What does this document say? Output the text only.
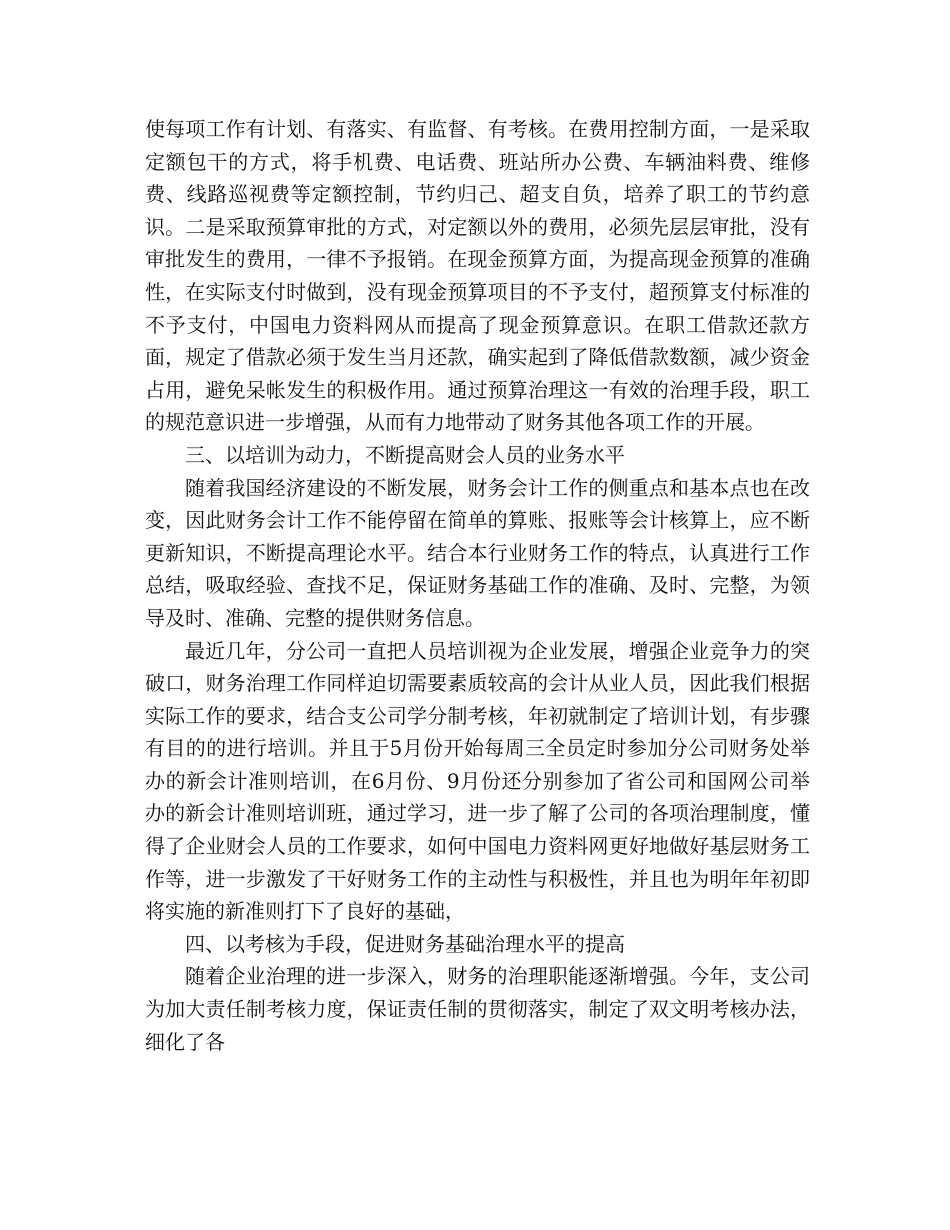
使每项工作有计划、有落实、有监督、有考核。在费用控制方面，一是采取定额包干的方式，将手机费、电话费、班站所办公费、车辆油料费、维修费、线路巡视费等定额控制，节约归己、超支自负，培养了职工的节约意识。二是采取预算审批的方式，对定额以外的费用，必须先层层审批，没有审批发生的费用，一律不予报销。在现金预算方面，为提高现金预算的准确性，在实际支付时做到，没有现金预算项目的不予支付，超预算支付标准的不予支付，中国电力资料网从而提高了现金预算意识。在职工借款还款方面，规定了借款必须于发生当月还款，确实起到了降低借款数额，减少资金占用，避免呆帐发生的积极作用。通过预算治理这一有效的治理手段，职工的规范意识进一步增强，从而有力地带动了财务其他各项工作的开展。

三、以培训为动力，不断提高财会人员的业务水平

随着我国经济建设的不断发展，财务会计工作的侧重点和基本点也在改变，因此财务会计工作不能停留在简单的算账、报账等会计核算上，应不断更新知识，不断提高理论水平。结合本行业财务工作的特点，认真进行工作总结，吸取经验、查找不足，保证财务基础工作的准确、及时、完整，为领导及时、准确、完整的提供财务信息。

最近几年，分公司一直把人员培训视为企业发展，增强企业竞争力的突破口，财务治理工作同样迫切需要素质较高的会计从业人员，因此我们根据实际工作的要求，结合支公司学分制考核，年初就制定了培训计划，有步骤有目的的进行培训。并且于5月份开始每周三全员定时参加分公司财务处举办的新会计准则培训，在6月份、9月份还分别参加了省公司和国网公司举办的新会计准则培训班，通过学习，进一步了解了公司的各项治理制度，懂得了企业财会人员的工作要求，如何中国电力资料网更好地做好基层财务工作等，进一步激发了干好财务工作的主动性与积极性，并且也为明年年初即将实施的新准则打下了良好的基础，

四、以考核为手段，促进财务基础治理水平的提高

随着企业治理的进一步深入，财务的治理职能逐渐增强。今年，支公司为加大责任制考核力度，保证责任制的贯彻落实，制定了双文明考核办法，细化了各
